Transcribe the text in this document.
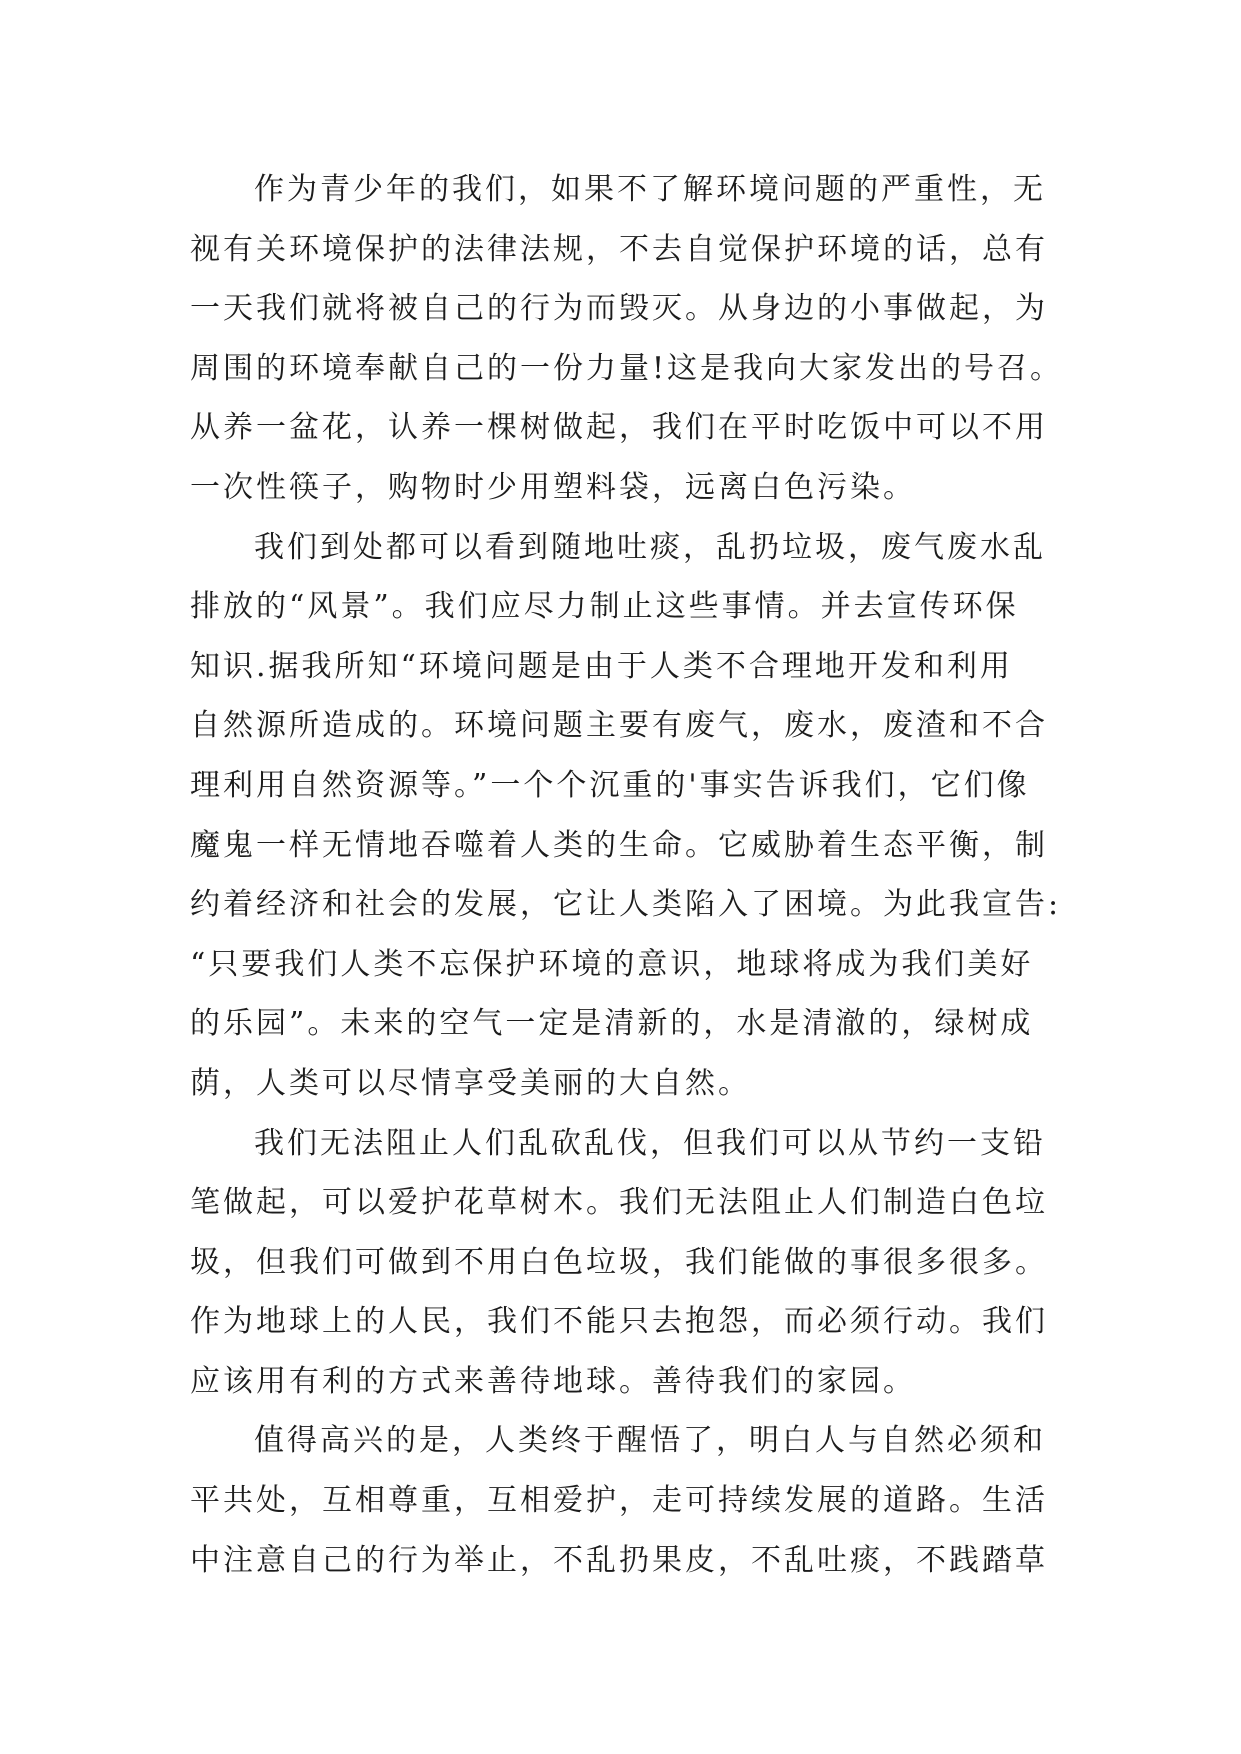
作为青少年的我们，如果不了解环境问题的严重性，无
视有关环境保护的法律法规，不去自觉保护环境的话，总有
一天我们就将被自己的行为而毁灭。从身边的小事做起，为
周围的环境奉献自己的一份力量!这是我向大家发出的号召。
从养一盆花，认养一棵树做起，我们在平时吃饭中可以不用
一次性筷子，购物时少用塑料袋，远离白色污染。
我们到处都可以看到随地吐痰，乱扔垃圾，废气废水乱
排放的“风景”。我们应尽力制止这些事情。并去宣传环保
知识.据我所知“环境问题是由于人类不合理地开发和利用
自然源所造成的。环境问题主要有废气，废水，废渣和不合
理利用自然资源等。”一个个沉重的'事实告诉我们，它们像
魔鬼一样无情地吞噬着人类的生命。它威胁着生态平衡，制
约着经济和社会的发展，它让人类陷入了困境。为此我宣告:
“只要我们人类不忘保护环境的意识，地球将成为我们美好
的乐园”。未来的空气一定是清新的，水是清澈的，绿树成
荫，人类可以尽情享受美丽的大自然。
我们无法阻止人们乱砍乱伐，但我们可以从节约一支铅
笔做起，可以爱护花草树木。我们无法阻止人们制造白色垃
圾，但我们可做到不用白色垃圾，我们能做的事很多很多。
作为地球上的人民，我们不能只去抱怨，而必须行动。我们
应该用有利的方式来善待地球。善待我们的家园。
值得高兴的是，人类终于醒悟了，明白人与自然必须和
平共处，互相尊重，互相爱护，走可持续发展的道路。生活
中注意自己的行为举止，不乱扔果皮，不乱吐痰，不践踏草
